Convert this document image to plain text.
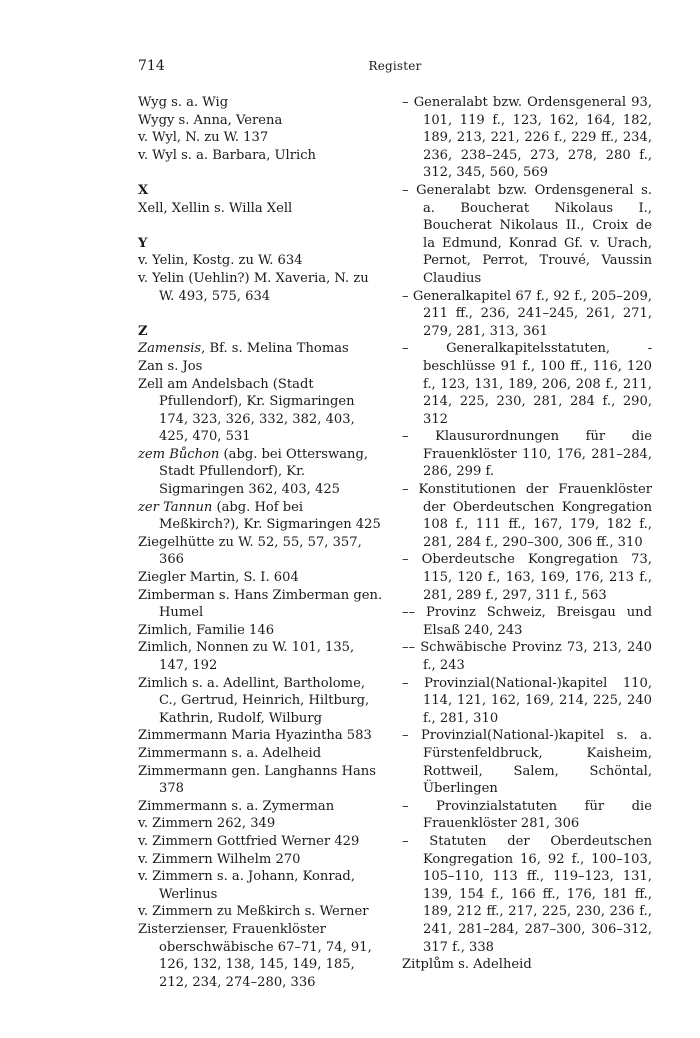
714	Register
Wyg s. a. Wig
Wygy s. Anna, Verena
v. Wyl, N. zu W. 137
v. Wyl s. a. Barbara, Ulrich
X
Xell, Xellin s. Willa Xell
Y
v. Yelin, Kostg. zu W. 634
v. Yelin (Uehlin?) M. Xaveria, N. zu W. 493, 575, 634
Z
Zamensis, Bf. s. Melina Thomas
Zan s. Jos
Zell am Andelsbach (Stadt Pfullendorf), Kr. Sigmaringen 174, 323, 326, 332, 382, 403, 425, 470, 531
zem Bůchon (abg. bei Otterswang, Stadt Pfullendorf), Kr. Sigmaringen 362, 403, 425
zer Tannun (abg. Hof bei Meßkirch?), Kr. Sigmaringen 425
Ziegelhütte zu W. 52, 55, 57, 357, 366
Ziegler Martin, S. I. 604
Zimberman s. Hans Zimberman gen. Humel
Zimlich, Familie 146
Zimlich, Nonnen zu W. 101, 135, 147, 192
Zimlich s. a. Adellint, Bartholome, C., Gertrud, Heinrich, Hiltburg, Kathrin, Rudolf, Wilburg
Zimmermann Maria Hyazintha 583
Zimmermann s. a. Adelheid
Zimmermann gen. Langhanns Hans 378
Zimmermann s. a. Zymerman
v. Zimmern 262, 349
v. Zimmern Gottfried Werner 429
v. Zimmern Wilhelm 270
v. Zimmern s. a. Johann, Konrad, Werlinus
v. Zimmern zu Meßkirch s. Werner
Zisterzienser, Frauenklöster oberschwäbische 67–71, 74, 91, 126, 132, 138, 145, 149, 185, 212, 234, 274–280, 336
– Generalabt bzw. Ordensgeneral 93, 101, 119 f., 123, 162, 164, 182, 189, 213, 221, 226 f., 229 ff., 234, 236, 238–245, 273, 278, 280 f., 312, 345, 560, 569
– Generalabt bzw. Ordensgeneral s. a. Boucherat Nikolaus I., Boucherat Nikolaus II., Croix de la Edmund, Konrad Gf. v. Urach, Pernot, Perrot, Trouvé, Vaussin Claudius
– Generalkapitel 67 f., 92 f., 205–209, 211 ff., 236, 241–245, 261, 271, 279, 281, 313, 361
– Generalkapitelsstatuten, -beschlüsse 91 f., 100 ff., 116, 120 f., 123, 131, 189, 206, 208 f., 211, 214, 225, 230, 281, 284 f., 290, 312
– Klausurordnungen für die Frauenklöster 110, 176, 281–284, 286, 299 f.
– Konstitutionen der Frauenklöster der Oberdeutschen Kongregation 108 f., 111 ff., 167, 179, 182 f., 281, 284 f., 290–300, 306 ff., 310
– Oberdeutsche Kongregation 73, 115, 120 f., 163, 169, 176, 213 f., 281, 289 f., 297, 311 f., 563
–– Provinz Schweiz, Breisgau und Elsaß 240, 243
–– Schwäbische Provinz 73, 213, 240 f., 243
– Provinzial(National-)kapitel 110, 114, 121, 162, 169, 214, 225, 240 f., 281, 310
– Provinzial(National-)kapitel s. a. Fürstenfeldbruck, Kaisheim, Rottweil, Salem, Schöntal, Überlingen
– Provinzialstatuten für die Frauenklöster 281, 306
– Statuten der Oberdeutschen Kongregation 16, 92 f., 100–103, 105–110, 113 ff., 119–123, 131, 139, 154 f., 166 ff., 176, 181 ff., 189, 212 ff., 217, 225, 230, 236 f., 241, 281–284, 287–300, 306–312, 317 f., 338
Zitplům s. Adelheid
